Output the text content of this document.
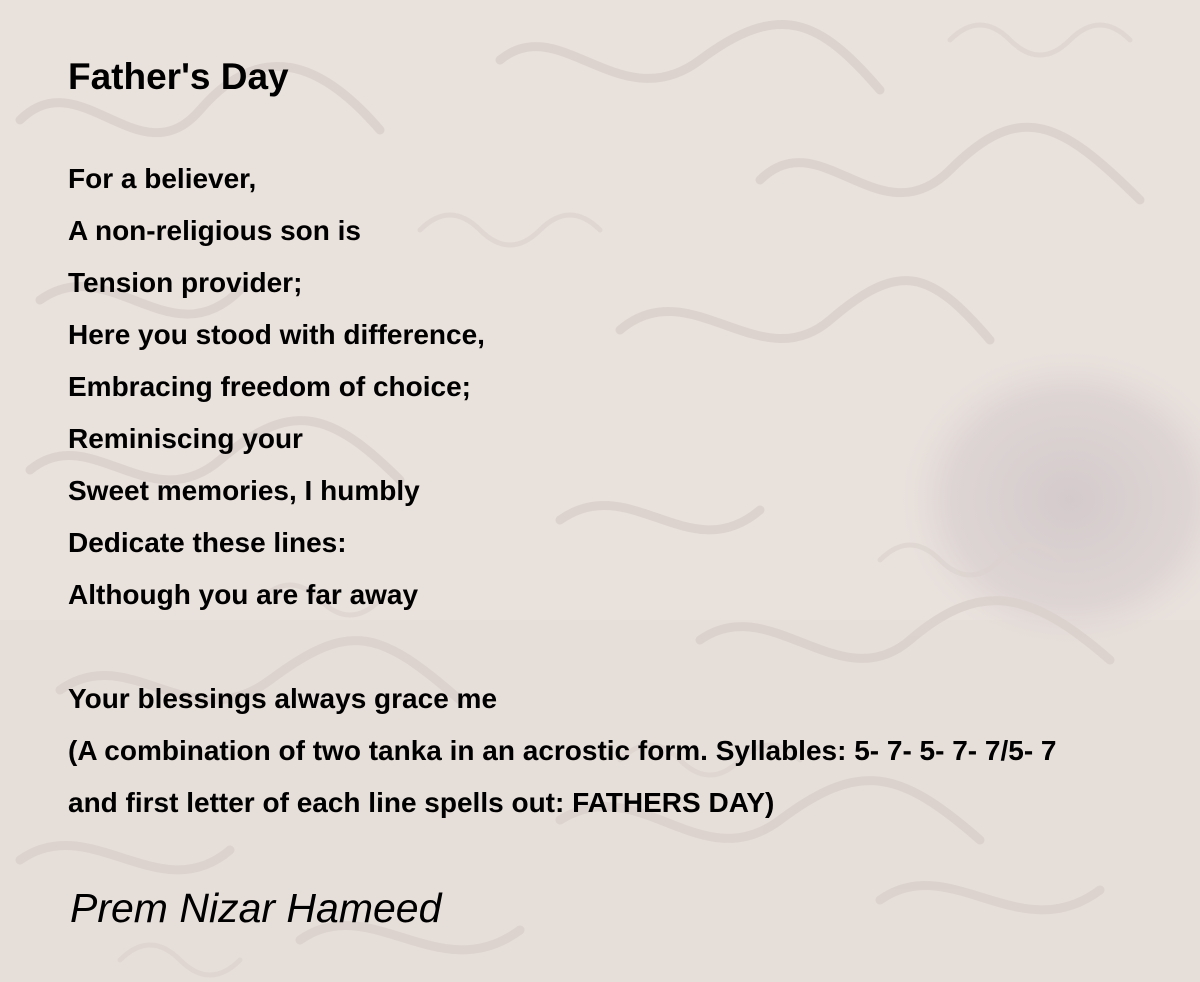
Father's Day
For a believer,
A non-religious son is
Tension provider;
Here you stood with difference,
Embracing freedom of choice;
Reminiscing your
Sweet memories, I humbly
Dedicate these lines:
Although you are far away
Your blessings always grace me
(A combination of two tanka in an acrostic form. Syllables: 5- 7- 5- 7- 7/5- 7
and first letter of each line spells out: FATHERS DAY)

Prem Nizar Hameed
